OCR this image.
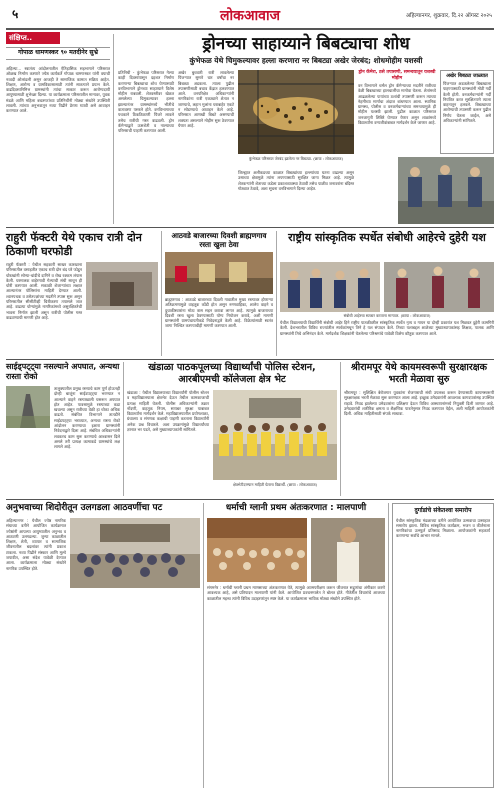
५	लोकआवाज	अहिल्यानगर, शुक्रवार, दि.२२ ऑगस्ट २०२५
संक्षिप्त..
गोपाळ धामणस्कर ९० मतदीनेर सुभ्रे
अहिल्या... स्वातंत्र्य आंदोलनातील ऐतिहासिक सहभागाने परिसरात ओळख निर्माण करणारे ज्येष्ठ कार्यकर्ते गोपाळ धामणस्कर यांनी वयाची नव्वदी ओलांडली असून आजही ते सामाजिक कामात सक्रिय आहेत. शिक्षण, आरोग्य व ग्रामविकासासाठी त्यांनी सातत्याने प्रयत्न केले. वाढदिवसानिमित्त ग्रामस्थांनी त्यांचा सत्कार करून आरोग्यदायी आयुष्यासाठी शुभेच्छा दिल्या. या कार्यक्रमाला परिसरातील मान्यवर, युवक मंडळे आणि महिला बचतगटांच्या प्रतिनिधींनी मोठ्या संख्येने उपस्थिती लावली. त्यांच्या अनुभवातून नव्या पिढीने प्रेरणा घ्यावी असे आवाहन करण्यात आले.
ड्रोनच्या साहाय्याने बिबट्याचा शोध
कुंभेफळ येथे चिमुकल्यावर हल्ला करणारा नर बिबट्या अखेर जेरबंद; शोधमोहीम यशस्वी
प्रतिनिधी - कुंभेफळ परिसरात गेल्या काही दिवसांपासून दहशत निर्माण करणाऱ्या बिबट्याचा शोध घेण्यासाठी वनविभागाने ड्रोनच्या साहाय्याने विशेष मोहीम राबवली. शेतवस्तीवर खेळत असलेल्या चिमुकल्यावर हल्ला झाल्यानंतर ग्रामस्थांमध्ये भीतीचे वातावरण पसरले होते. वनविभागाच्या पथकाने ठिकठिकाणी पिंजरे लावले तसेच रात्रीची गस्त वाढवली. ड्रोन कॅमेऱ्याद्वारे ऊसशेती व नाल्याच्या परिसराची पाहणी करण्यात आली.
अखेर बुधवारी रात्री लावलेल्या पिंजऱ्यात सुमारे चार वर्षांचा नर बिबट्या अडकला. त्याला पुढील तपासणीसाठी बचाव केंद्रात हलवण्यात आले. वनपरिक्षेत्र अधिकाऱ्यांनी नागरिकांना रात्री एकट्याने शेतात न जाण्याचे, लहान मुलांना घराबाहेर एकटे न सोडण्याचे आवाहन केले आहे. परिसरात आणखी बिबटे असण्याची शक्यता असल्याने मोहीम सुरू ठेवण्यात येणार आहे.
कुंभेफळ परिसरात जेरबंद झालेला नर बिबट्या. (छाया : लोकआवाज)
ड्रोन कॅमेरा, ठसे तपासणी, समन्वयातून यशस्वी मोहीम
वन विभागाने थर्मल ड्रोन कॅमेऱ्याच्या मदतीने रात्रीच्या वेळी बिबट्याच्या हालचालींचा मागोवा घेतला. शेतांमध्ये आढळलेल्या पायांच्या ठशांची तपासणी करून त्याच्या नेहमीच्या मार्गाचा अंदाज बांधण्यात आला. स्थानिक ग्रामस्थ, पोलीस व वनकर्मचाऱ्यांच्या समन्वयामुळे ही मोहीम यशस्वी झाली. पुढील काळात परिसरात जनजागृती शिबिरे घेण्यात येणार असून शाळांमध्ये विद्यार्थ्यांना वन्यजीवांबाबत मार्गदर्शन केले जाणार आहे.
अखेर बिबट्या जाळ्यात
पिंजऱ्यात अडकलेल्या बिबट्याला पाहण्यासाठी ग्रामस्थांनी मोठी गर्दी केली होती. वनकर्मचाऱ्यांनी गर्दी नियंत्रित करत सुरक्षितपणे त्याला वाहनातून हलवले. बिबट्याच्या आरोग्याची तपासणी करून पुढील निर्णय घेतला जाईल, असे अधिकाऱ्यांनी सांगितले.
जिल्ह्यात अलीकडच्या काळात बिबट्यांच्या हल्ल्यांच्या घटना वाढल्या असून उसाच्या क्षेत्रामुळे त्यांना लपण्यासाठी सुरक्षित जागा मिळत आहे. त्यामुळे शेतकऱ्यांनी शेताच्या कडेला प्रकाशव्यवस्था ठेवावी तसेच पाळीव जनावरांना बंदिस्त गोठ्यात ठेवावे, अशा सूचना वनविभागाने दिल्या आहेत.
राहुरी फॅक्टरी येथे एकाच रात्री दोन ठिकाणी घरफोडी
राहुरी फॅक्टरी : येथील सहकारी साखर कारखाना परिसरातील वसाहतीत एकाच रात्री दोन बंद घरे फोडून चोरट्यांनी सोन्या-चांदीचे दागिने व रोख रक्कम लंपास केली. घरमालक बाहेरगावी गेल्याची संधी साधून ही चोरी करण्यात आली. सकाळी शेजाऱ्यांच्या लक्षात आल्यानंतर पोलिसांना माहिती देण्यात आली. श्वानपथक व ठसेतज्ज्ञांच्या मदतीने तपास सुरू असून परिसरातील सीसीटीव्ही चित्रीकरण तपासले जात आहे. वाढत्या चोऱ्यांमुळे नागरिकांमध्ये असुरक्षिततेची भावना निर्माण झाली असून रात्रीची पोलीस गस्त वाढवण्याची मागणी होत आहे.
आठवडे बाजारच्या दिवशी ब्राह्मणगाव रस्ता खुला ठेवा
ब्राह्मणगाव : आठवडे बाजारच्या दिवशी गावातील मुख्य रस्त्यावर होणाऱ्या अतिक्रमणामुळे वाहतूक कोंडी होत असून रुग्णवाहिका, शालेय वाहने व दुचाकीस्वारांना मोठा त्रास सहन करावा लागत आहे. त्यामुळे बाजाराच्या दिवशी रस्ता खुला ठेवण्यासाठी योग्य नियोजन करावे, अशी मागणी ग्रामस्थांनी ग्रामपंचायतीकडे निवेदनाद्वारे केली आहे. विक्रेत्यांसाठी स्वतंत्र जागा निश्चित करण्याचीही मागणी करण्यात आली.
राष्ट्रीय सांस्कृतिक स्पर्धेत संबोधी आहेरचे दुहेरी यश
संबोधी आहेरचा सत्कार करताना मान्यवर. (छाया : लोकआवाज)
येथील विद्यालयाची विद्यार्थिनी संबोधी आहेर हिने राष्ट्रीय पातळीवरील सांस्कृतिक स्पर्धेत नृत्य व गायन या दोन्ही प्रकारांत यश मिळवत दुहेरी कामगिरी केली. देशभरातील विविध राज्यांतील स्पर्धकांमधून तिने हे यश संपादन केले. तिच्या यशाबद्दल शाळेच्या मुख्याध्यापकांसह शिक्षक, पालक आणि ग्रामस्थांनी तिचे अभिनंदन केले. मार्गदर्शक शिक्षकांनी घेतलेल्या परिश्रमांचे यावेळी विशेष कौतुक करण्यात आले.
साईड्पट्ट्या नसल्याने अपघात, अन्यथा रास्ता रोको
तालुक्यातील प्रमुख रस्त्याचे काम पूर्ण होऊनही दोन्ही बाजूंना साईडपट्ट्या भरण्यात न आल्याने वाहने रस्त्याखाली घसरून अपघात होत आहेत. पावसामुळे रस्त्याच्या कडा खचल्या असून रात्रीच्या वेळी हा धोका अधिक वाढतो. संबंधित विभागाने तातडीने साईडपट्ट्या भराव्यात, अन्यथा रास्ता रोको आंदोलन करण्याचा इशारा ग्रामस्थांनी निवेदनाद्वारे दिला आहे. संबंधित अधिकाऱ्यांनी लवकरच काम सुरू करण्याचे आश्वासन दिले असले तरी प्रत्यक्ष कामाकडे ग्रामस्थांचे लक्ष लागले आहे.
खंडाळा पाठकपूलच्या विद्यार्थ्यांची पोलिस स्टेशन, आरबीएमची कॉलेजला क्षेत्र भेट
खंडाळा : येथील विद्यालयाच्या विद्यार्थ्यांनी पोलीस स्टेशन व महाविद्यालयाला क्षेत्रभेट देऊन तेथील कामकाजाची प्रत्यक्ष माहिती घेतली. पोलीस अधिकाऱ्यांनी तक्रार नोंदणी, वाहतूक नियम, सायबर सुरक्षा याबाबत विद्यार्थ्यांना मार्गदर्शन केले. महाविद्यालयातील प्रयोगशाळा, ग्रंथालय व संगणक कक्षाची पाहणी करताना विद्यार्थ्यांनी अनेक प्रश्न विचारले. अशा उपक्रमांमुळे विद्यार्थ्यांच्या ज्ञानात भर पडते, असे मुख्याध्यापकांनी सांगितले.
क्षेत्रभेटीदरम्यान माहिती घेताना विद्यार्थी. (छाया : लोकआवाज)
श्रीरामपूर येथे कायमस्वरूपी सुरक्षारक्षक भरती मेळावा सुरु
श्रीरामपूर : सुशिक्षित बेरोजगार युवकांना रोजगाराची संधी उपलब्ध करून देण्यासाठी कायमस्वरूपी सुरक्षारक्षक भरती मेळावा सुरू करण्यात आला आहे. इच्छुक उमेदवारांनी आवश्यक कागदपत्रांसह उपस्थित राहावे. निवड झालेल्या उमेदवारांना प्रशिक्षण देऊन विविध आस्थापनांमध्ये नियुक्ती दिली जाणार आहे. उमेदवारांची शारीरिक क्षमता व शैक्षणिक पात्रतेनुसार निवड करण्यात येईल, अशी माहिती आयोजकांनी दिली. अधिक माहितीसाठी संपर्क साधावा.
अनुभवाच्या शिदोरीतून उलगडला आठवणींचा पट
अहिल्यानगर : येथील ज्येष्ठ नागरिक संघाच्या वतीने आयोजित कार्यक्रमात ज्येष्ठांनी आपल्या आयुष्यातील अनुभव व आठवणी उलगडल्या. जुन्या काळातील शिक्षण, शेती, व्यापार व सामाजिक जीवनातील बदलांवर त्यांनी प्रकाश टाकला. नव्या पिढीने संस्कार आणि मूल्ये जपावीत, असा संदेश यावेळी देण्यात आला. कार्यक्रमाला मोठ्या संख्येने नागरिक उपस्थित होते.
धर्माची ग्लानी प्रथम अंतःकरणात : मालपाणी
संगमनेर : धर्माची ग्लानी प्रथम माणसाच्या अंतःकरणात येते, त्यामुळे आत्मपरीक्षण करून जीवनात सद्गुणांचा अंगीकार करणे आवश्यक आहे, असे प्रतिपादन मालपाणी यांनी केले. आयोजित प्रवचनमालेत ते बोलत होते. गीतेतील विचारांचे आजच्या काळातील महत्त्व त्यांनी विविध उदाहरणांतून स्पष्ट केले. या कार्यक्रमाला भाविक मोठ्या संख्येने उपस्थित होते.
दुर्गाडांचे संकेतश्वा समारोप
येथील सांस्कृतिक मंडळाच्या वतीने आयोजित उत्सवाचा उत्साहात समारोप झाला. विविध सांस्कृतिक कार्यक्रम, भजन व कीर्तनाला नागरिकांचा उत्स्फूर्त प्रतिसाद मिळाला. आयोजकांनी सहकार्य करणाऱ्या सर्वांचे आभार मानले.
